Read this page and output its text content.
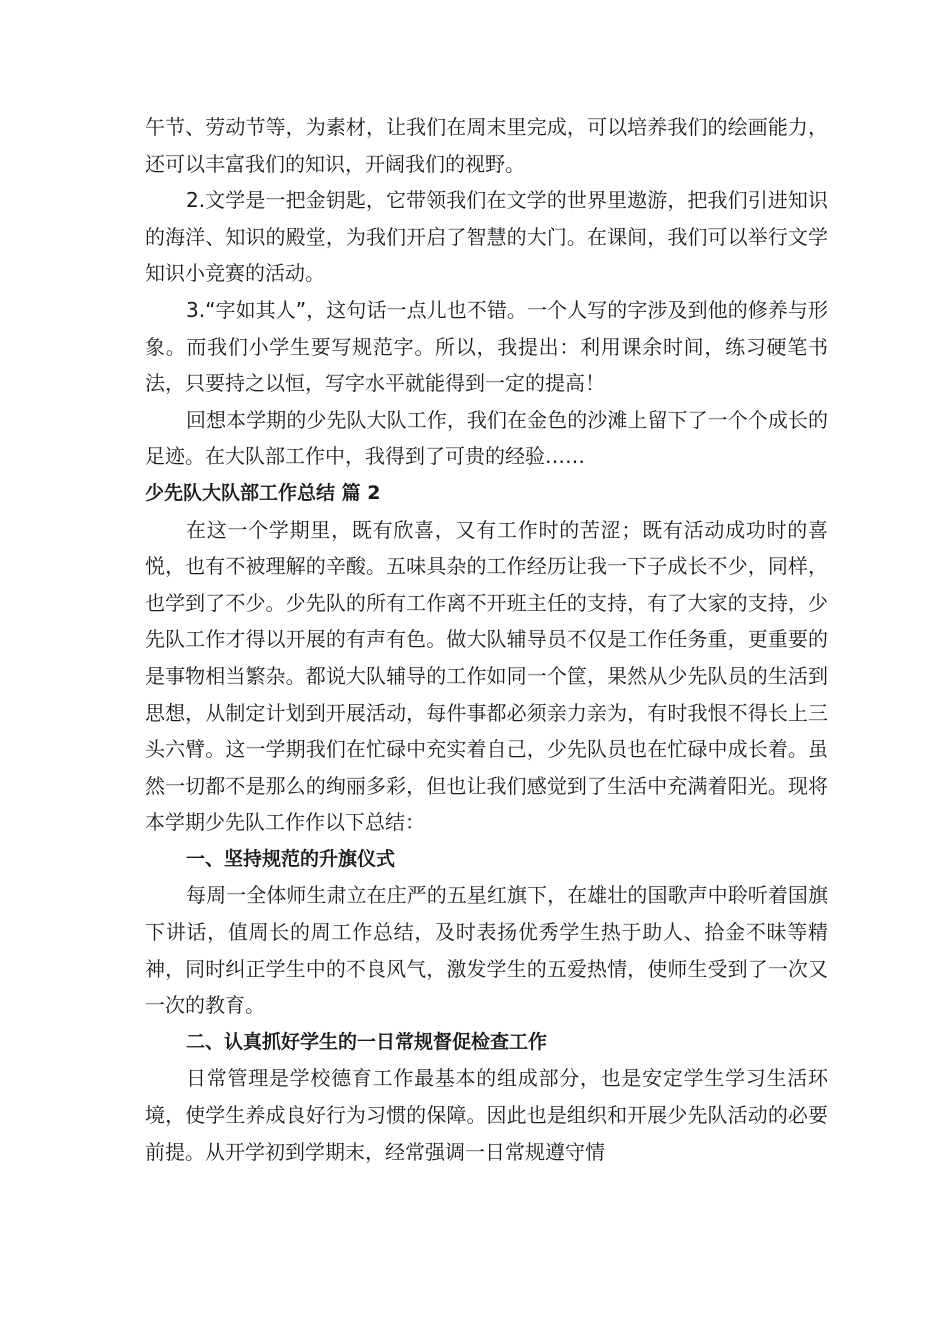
午节、劳动节等，为素材，让我们在周末里完成，可以培养我们的绘画能力，还可以丰富我们的知识，开阔我们的视野。

2.文学是一把金钥匙，它带领我们在文学的世界里遨游，把我们引进知识的海洋、知识的殿堂，为我们开启了智慧的大门。在课间，我们可以举行文学知识小竞赛的活动。

3.“字如其人”，这句话一点儿也不错。一个人写的字涉及到他的修养与形象。而我们小学生要写规范字。所以，我提出：利用课余时间，练习硬笔书法，只要持之以恒，写字水平就能得到一定的提高！

回想本学期的少先队大队工作，我们在金色的沙滩上留下了一个个成长的足迹。在大队部工作中，我得到了可贵的经验……

少先队大队部工作总结 篇 2

在这一个学期里，既有欣喜，又有工作时的苦涩；既有活动成功时的喜悦，也有不被理解的辛酸。五味具杂的工作经历让我一下子成长不少，同样，也学到了不少。少先队的所有工作离不开班主任的支持，有了大家的支持，少先队工作才得以开展的有声有色。做大队辅导员不仅是工作任务重，更重要的是事物相当繁杂。都说大队辅导的工作如同一个筐，果然从少先队员的生活到思想，从制定计划到开展活动，每件事都必须亲力亲为，有时我恨不得长上三头六臂。这一学期我们在忙碌中充实着自己，少先队员也在忙碌中成长着。虽然一切都不是那么的绚丽多彩，但也让我们感觉到了生活中充满着阳光。现将本学期少先队工作作以下总结：

一、坚持规范的升旗仪式

每周一全体师生肃立在庄严的五星红旗下，在雄壮的国歌声中聆听着国旗下讲话，值周长的周工作总结，及时表扬优秀学生热于助人、拾金不昧等精神，同时纠正学生中的不良风气，激发学生的五爱热情，使师生受到了一次又一次的教育。

二、认真抓好学生的一日常规督促检查工作

日常管理是学校德育工作最基本的组成部分，也是安定学生学习生活环境，使学生养成良好行为习惯的保障。因此也是组织和开展少先队活动的必要前提。从开学初到学期末，经常强调一日常规遵守情
